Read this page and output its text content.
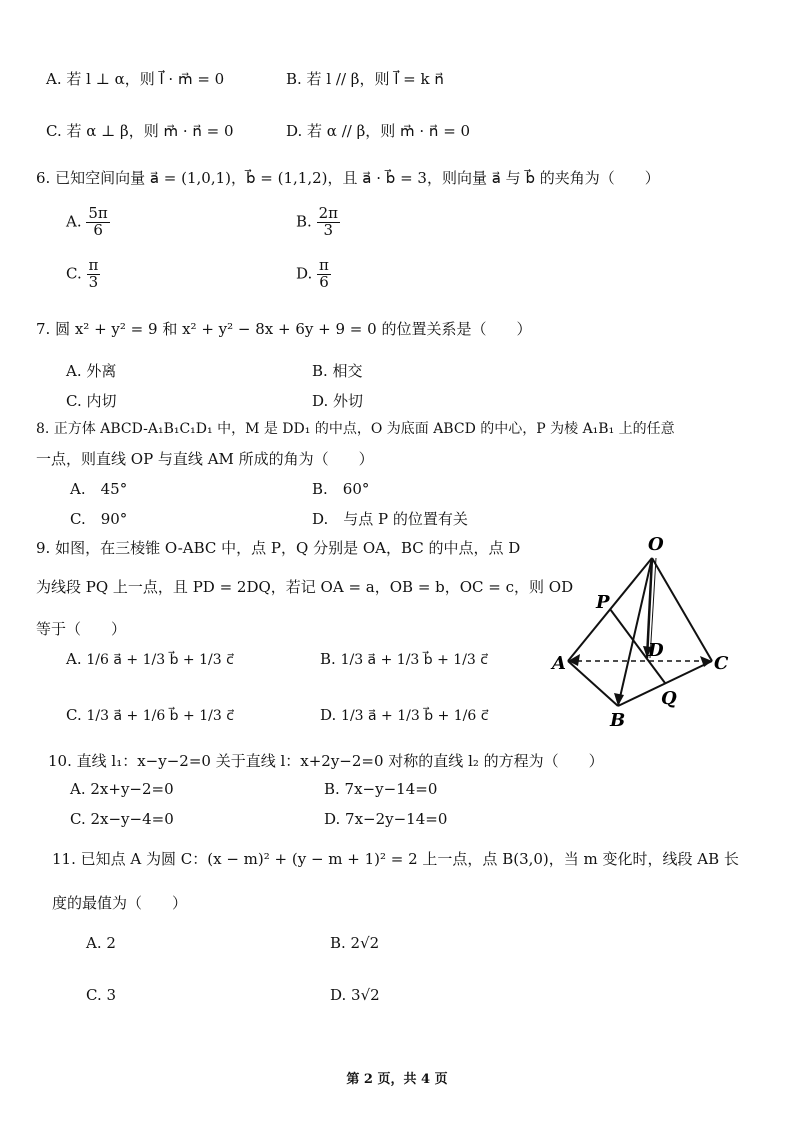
A. 若 l ⊥ α，则 l⃗ · m⃗ = 0	B. 若 l // β，则 l⃗ = k n⃗
C. 若 α ⊥ β，则 m⃗ · n⃗ = 0	D. 若 α // β，则 m⃗ · n⃗ = 0
6. 已知空间向量 a⃗ = (1,0,1)，b⃗ = (1,1,2)，且 a⃗ · b⃗ = 3，则向量 a⃗ 与 b⃗ 的夹角为（　　）
A. $\frac{5\pi}{6}$	B. $\frac{2\pi}{3}$
C. $\frac{\pi}{3}$	D. $\frac{\pi}{6}$
7. 圆 x² + y² = 9 和 x² + y² − 8x + 6y + 9 = 0 的位置关系是（　　）
A. 外离	B. 相交
C. 内切	D. 外切
8. 正方体 ABCD-A₁B₁C₁D₁ 中，M 是 DD₁ 的中点，O 为底面 ABCD 的中心，P 为棱 A₁B₁ 上的任意
一点，则直线 OP 与直线 AM 所成的角为（　　）
A.　45°	B.　60°
C.　90°	D.　与点 P 的位置有关
9. 如图，在三棱锥 O-ABC 中，点 P，Q 分别是 OA，BC 的中点，点 D
为线段 PQ 上一点，且 PD = 2DQ，若记 OA = a，OB = b，OC = c，则 OD
等于（　　）
A. 1/6 a⃗ + 1/3 b⃗ + 1/3 c⃗	B. 1/3 a⃗ + 1/3 b⃗ + 1/3 c⃗
C. 1/3 a⃗ + 1/6 b⃗ + 1/3 c⃗	D. 1/3 a⃗ + 1/3 b⃗ + 1/6 c⃗
O
P
D
A	C
Q
B
10. 直线 l₁：x−y−2=0 关于直线 l：x+2y−2=0 对称的直线 l₂ 的方程为（　　）
A. 2x+y−2=0	B. 7x−y−14=0
C. 2x−y−4=0	D. 7x−2y−14=0
11. 已知点 A 为圆 C：(x − m)² + (y − m + 1)² = 2 上一点，点 B(3,0)，当 m 变化时，线段 AB 长
度的最值为（　　）
A. 2	B. 2√2
C. 3	D. 3√2
第 2 页，共 4 页
